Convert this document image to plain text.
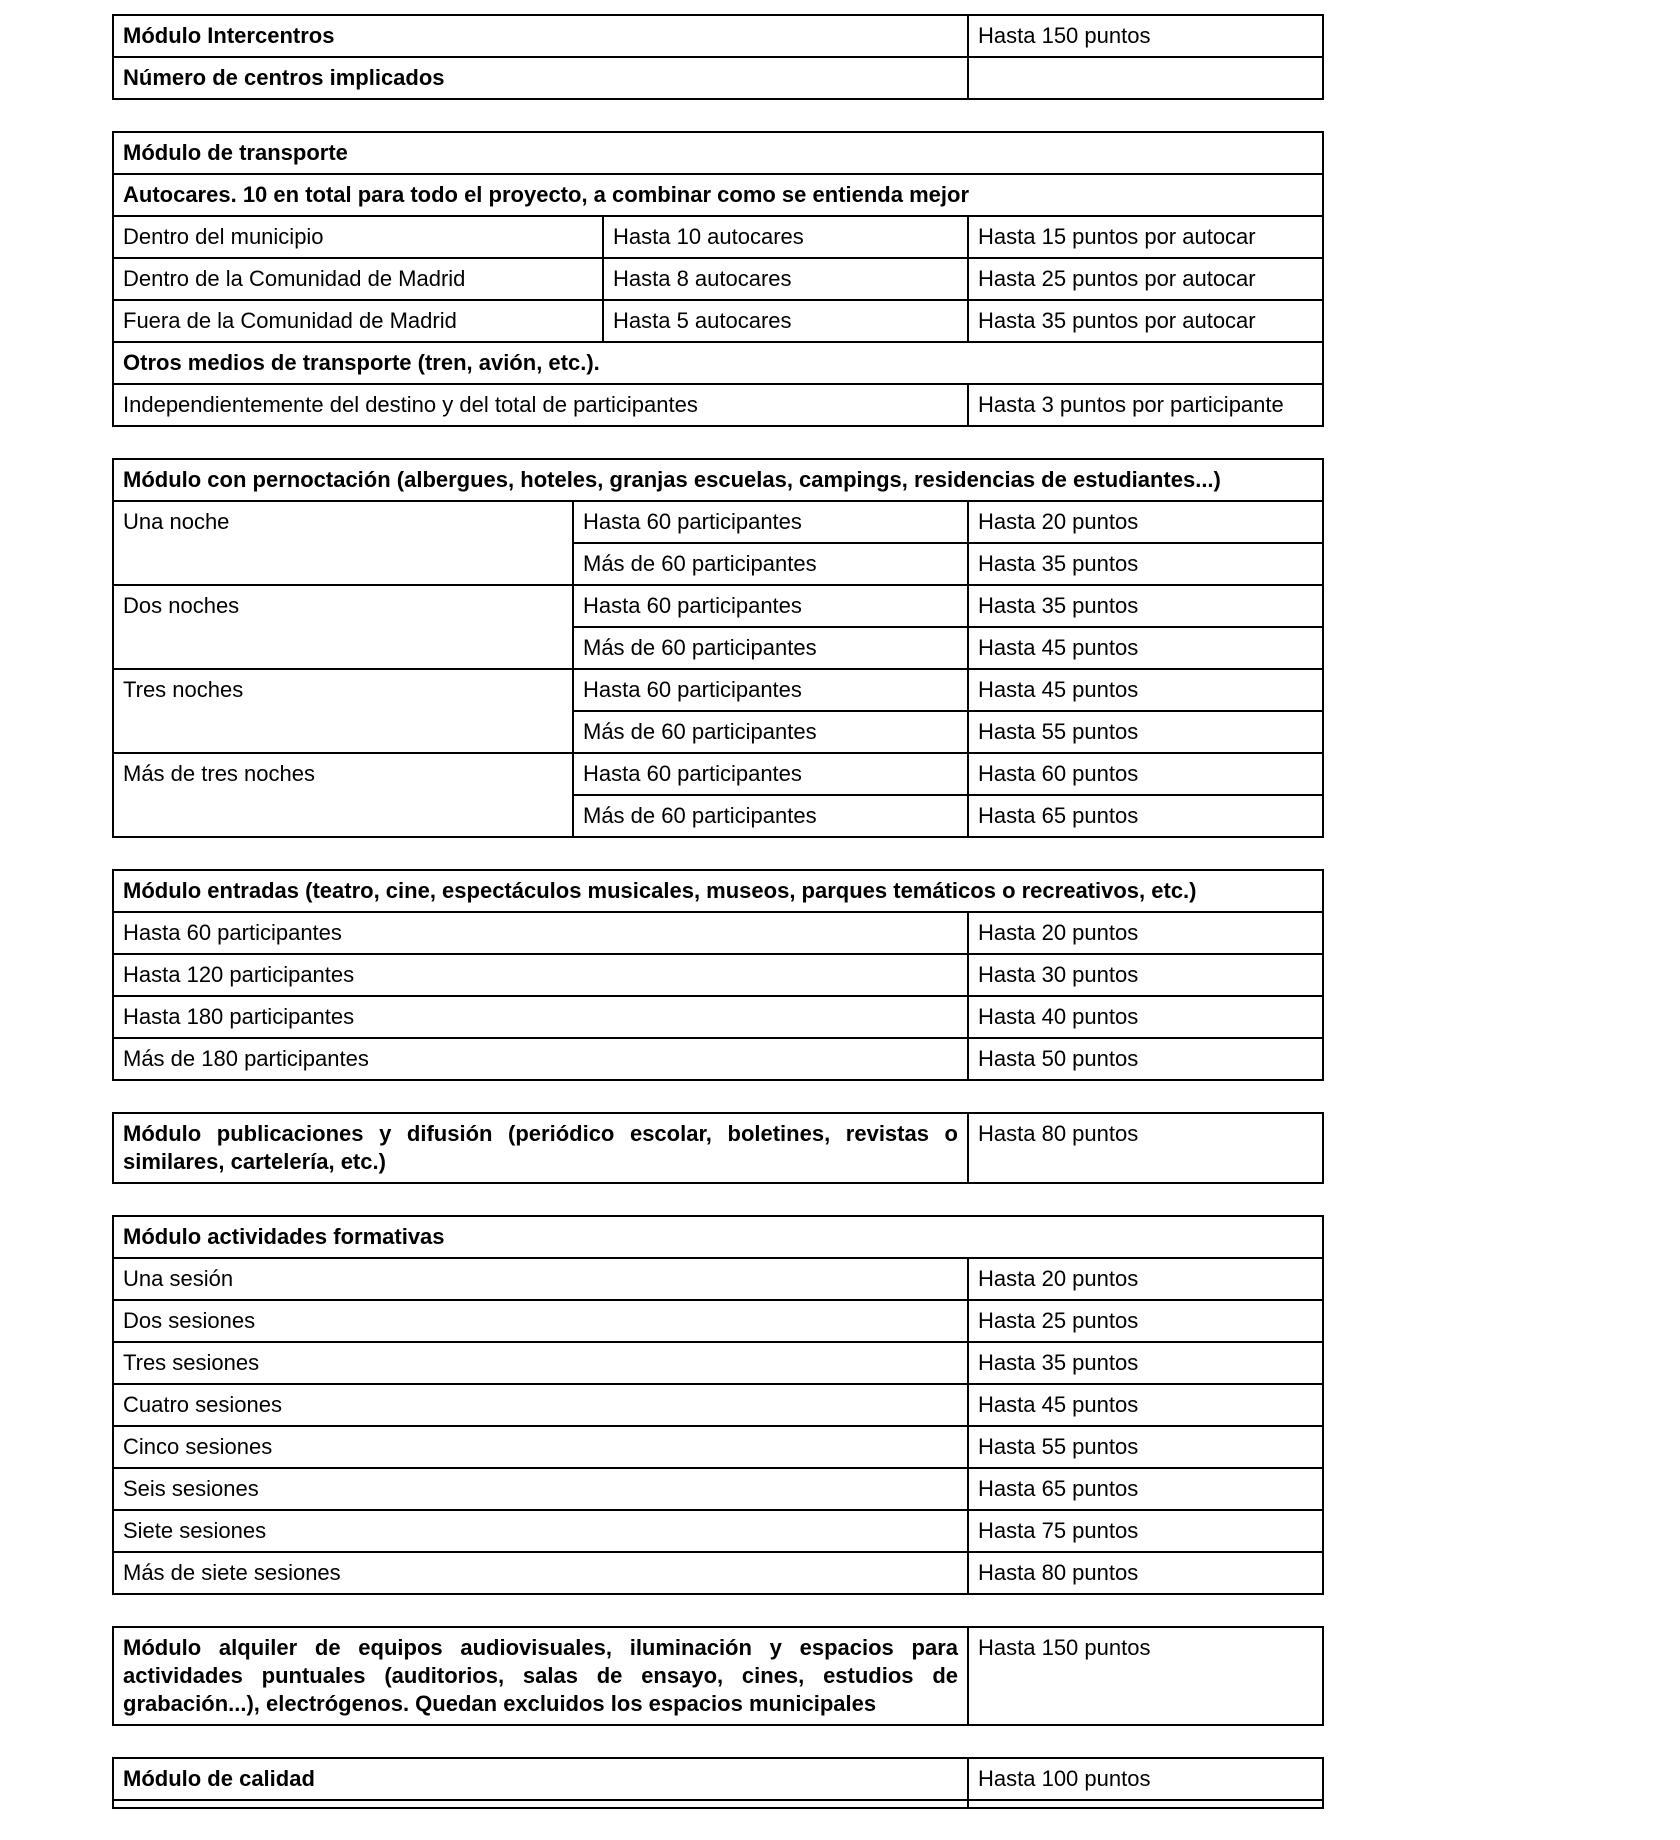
Módulo Intercentros	Hasta 150 puntos
Número de centros implicados	
Módulo de transporte		
Autocares. 10 en total para todo el proyecto, a combinar como se entienda mejor		
Dentro del municipio	Hasta 10 autocares	Hasta 15 puntos por autocar
Dentro de la Comunidad de Madrid	Hasta 8 autocares	Hasta 25 puntos por autocar
Fuera de la Comunidad de Madrid	Hasta 5 autocares	Hasta 35 puntos por autocar
Otros medios de transporte (tren, avión, etc.).		
Independientemente del destino y del total de participantes		Hasta 3 puntos por participante
Módulo con pernoctación (albergues, hoteles, granjas escuelas, campings, residencias de estudiantes...)		
Una noche	Hasta 60 participantes	Hasta 20 puntos
	Más de 60 participantes	Hasta 35 puntos
Dos noches	Hasta 60 participantes	Hasta 35 puntos
	Más de 60 participantes	Hasta 45 puntos
Tres noches	Hasta 60 participantes	Hasta 45 puntos
	Más de 60 participantes	Hasta 55 puntos
Más de tres noches	Hasta 60 participantes	Hasta 60 puntos
	Más de 60 participantes	Hasta 65 puntos
Módulo entradas (teatro, cine, espectáculos musicales, museos, parques temáticos o recreativos, etc.)	
Hasta 60 participantes	Hasta 20 puntos
Hasta 120 participantes	Hasta 30 puntos
Hasta 180 participantes	Hasta 40 puntos
Más de 180 participantes	Hasta 50 puntos
Módulo publicaciones y difusión (periódico escolar, boletines, revistas o similares, cartelería, etc.)	Hasta 80 puntos
Módulo actividades formativas	
Una sesión	Hasta 20 puntos
Dos sesiones	Hasta 25 puntos
Tres sesiones	Hasta 35 puntos
Cuatro sesiones	Hasta 45 puntos
Cinco sesiones	Hasta 55 puntos
Seis sesiones	Hasta 65 puntos
Siete sesiones	Hasta 75 puntos
Más de siete sesiones	Hasta 80 puntos
Módulo alquiler de equipos audiovisuales, iluminación y espacios para actividades puntuales (auditorios, salas de ensayo, cines, estudios de grabación...), electrógenos. Quedan excluidos los espacios municipales	Hasta 150 puntos
Módulo de calidad	Hasta 100 puntos
